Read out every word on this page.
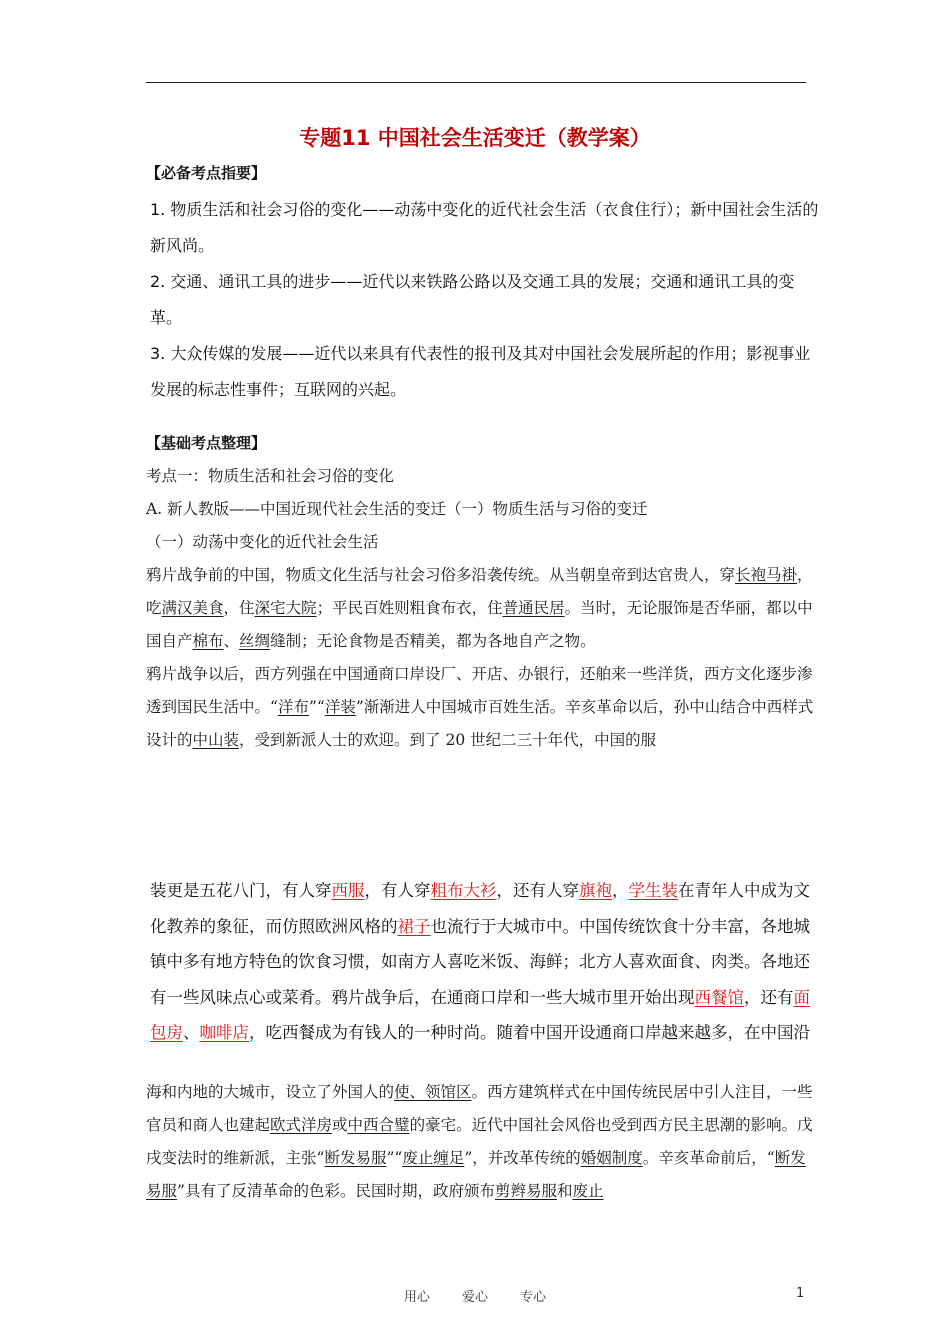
专题11 中国社会生活变迁（教学案）
【必备考点指要】

1. 物质生活和社会习俗的变化——动荡中变化的近代社会生活（衣食住行）；新中国社会生活的新风尚。

2. 交通、通讯工具的进步——近代以来铁路公路以及交通工具的发展；交通和通讯工具的变革。

3. 大众传媒的发展——近代以来具有代表性的报刊及其对中国社会发展所起的作用；影视事业发展的标志性事件；互联网的兴起。

【基础考点整理】

考点一：物质生活和社会习俗的变化

A. 新人教版——中国近现代社会生活的变迁（一）物质生活与习俗的变迁

（一）动荡中变化的近代社会生活

鸦片战争前的中国，物质文化生活与社会习俗多沿袭传统。从当朝皇帝到达官贵人，穿长袍马褂，吃满汉美食，住深宅大院；平民百姓则粗食布衣，住普通民居。当时，无论服饰是否华丽，都以中国自产棉布、丝绸缝制；无论食物是否精美，都为各地自产之物。

鸦片战争以后，西方列强在中国通商口岸设厂、开店、办银行，还舶来一些洋货，西方文化逐步渗透到国民生活中。“洋布”“洋装”渐渐进人中国城市百姓生活。辛亥革命以后，孙中山结合中西样式设计的中山装，受到新派人士的欢迎。到了 20 世纪二三十年代，中国的服

装更是五花八门，有人穿西服，有人穿粗布大衫，还有人穿旗袍，学生装在青年人中成为文化教养的象征，而仿照欧洲风格的裙子也流行于大城市中。中国传统饮食十分丰富，各地城镇中多有地方特色的饮食习惯，如南方人喜吃米饭、海鲜；北方人喜欢面食、肉类。各地还有一些风味点心或菜肴。鸦片战争后，在通商口岸和一些大城市里开始出现西餐馆，还有面包房、咖啡店，吃西餐成为有钱人的一种时尚。随着中国开设通商口岸越来越多，在中国沿

海和内地的大城市，设立了外国人的使、领馆区。西方建筑样式在中国传统民居中引人注目，一些官员和商人也建起欧式洋房或中西合璧的豪宅。近代中国社会风俗也受到西方民主思潮的影响。戊戌变法时的维新派，主张“断发易服”“废止缠足”，并改革传统的婚姻制度。辛亥革命前后，“断发易服”具有了反清革命的色彩。民国时期，政府颁布剪辫易服和废止

用心 爱心 专心	1
